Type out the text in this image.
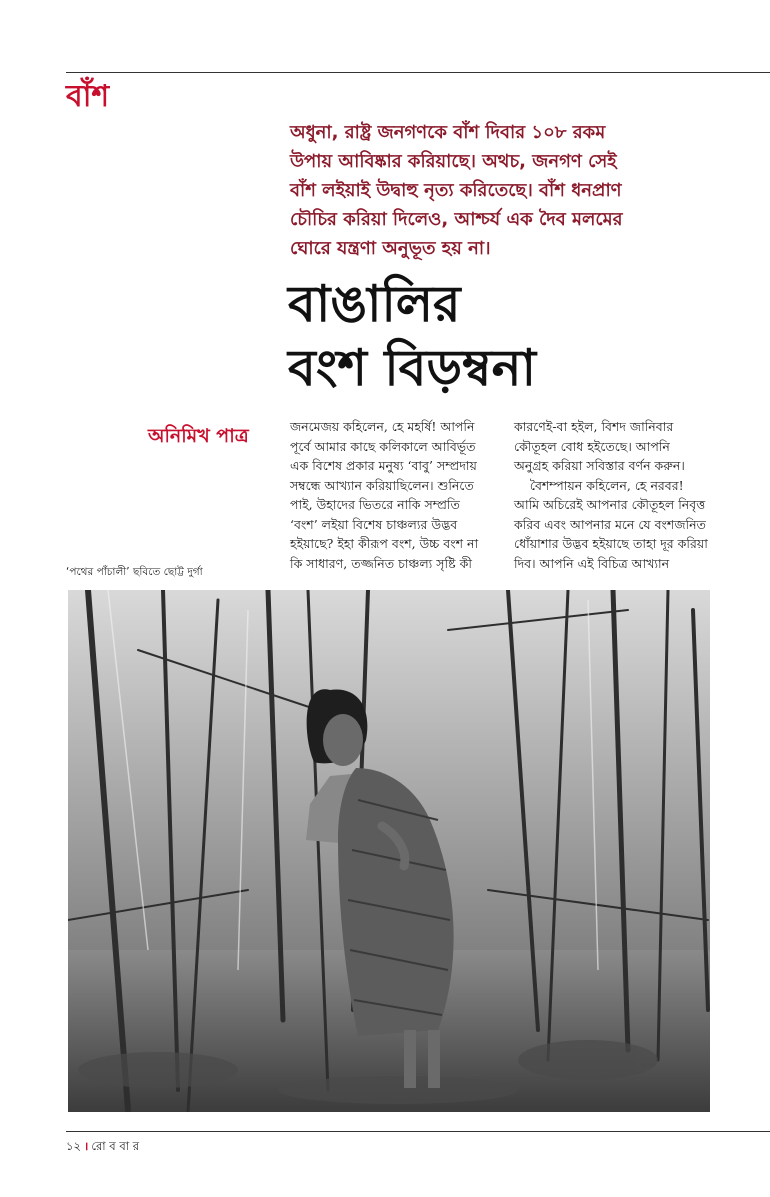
বাঁশ
অধুনা, রাষ্ট্র জনগণকে বাঁশ দিবার ১০৮ রকম
উপায় আবিষ্কার করিয়াছে। অথচ, জনগণ সেই
বাঁশ লইয়াই উদ্বাহু নৃত্য করিতেছে। বাঁশ ধনপ্রাণ
চৌচির করিয়া দিলেও, আশ্চর্য এক দৈব মলমের
ঘোরে যন্ত্রণা অনুভূত হয় না।
বাঙালির
বংশ বিড়ম্বনা
অনিমিখ পাত্র	জনমেজয় কহিলেন, হে মহর্ষি! আপনি

পূর্বে আমার কাছে কলিকালে আবির্ভূত

এক বিশেষ প্রকার মনুষ্য ‘বাবু’ সম্প্রদায়

সম্বন্ধে আখ্যান করিয়াছিলেন। শুনিতে

পাই, উহাদের ভিতরে নাকি সম্প্রতি

‘বংশ’ লইয়া বিশেষ চাঞ্চল্যর উদ্ভব

হইয়াছে? ইহা কীরূপ বংশ, উচ্চ বংশ না

কি সাধারণ, তজ্জনিত চাঞ্চল্য সৃষ্টি কী

কারণেই-বা হইল, বিশদ জানিবার

কৌতূহল বোধ হইতেছে। আপনি

অনুগ্রহ করিয়া সবিস্তার বর্ণন করুন।

বৈশম্পায়ন কহিলেন, হে নরবর!

আমি অচিরেই আপনার কৌতূহল নিবৃত্ত

করিব এবং আপনার মনে যে বংশজনিত

ধোঁয়াশার উদ্ভব হইয়াছে তাহা দূর করিয়া

দিব। আপনি এই বিচিত্র আখ্যান

‘পথের পাঁচালী’ ছবিতে ছোট্ট দুর্গা
১২ । রো ব বা র
